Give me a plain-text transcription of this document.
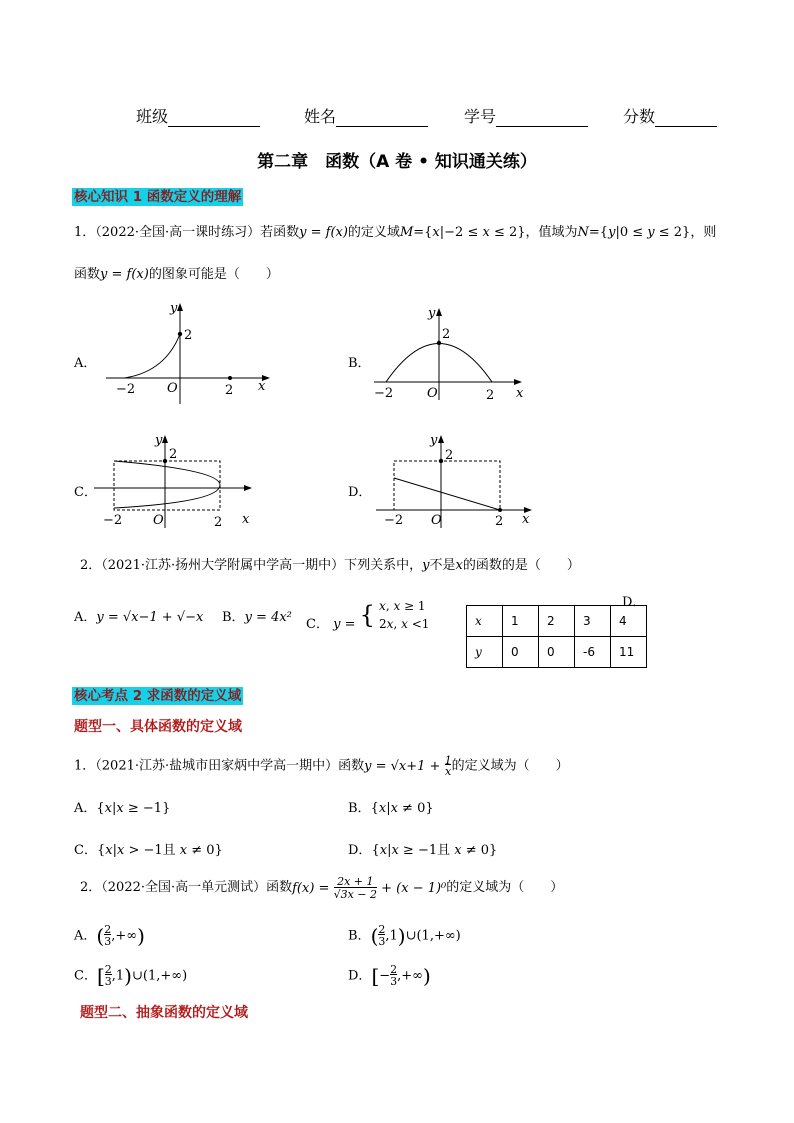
班级	姓名	学号	分数
第二章　函数（A 卷 • 知识通关练）
核心知识 1 函数定义的理解
1．（2022·全国·高一课时练习）若函数y = f(x)的定义域M={x|−2 ≤ x ≤ 2}，值域为N={y|0 ≤ y ≤ 2}，则
函数y = f(x)的图象可能是（　　）
A．
y
2
−2 O	2 x
B．
y
2
−2	O	2 x
C．
y
2
−2 O	2 x
D．
y
2
−2 O	2 x
2．（2021·江苏·扬州大学附属中学高一期中）下列关系中，y不是x的函数的是（　　）
A．y = √x−1 + √−x B．y = 4x² C． y = { x, x ≥ 1
2x, x <1
D．
x	1	2	3	4
y	0	0	-6	11
核心考点 2 求函数的定义域
题型一、具体函数的定义域
1．（2021·江苏·盐城市田家炳中学高一期中）函数y = √x+1 + 1
x的定义域为（　　）
A．{x|x ≥ −1}	B．{x|x ≠ 0}
C．{x|x > −1且 x ≠ 0}	D．{x|x ≥ −1且 x ≠ 0}
2．（2022·全国·高一单元测试）函数f(x) = 2x + 1
√3x − 2 + (x − 1)⁰的定义域为（　　）
A．(2
3,+∞)	B．(2
3,1)∪(1,+∞)
C．[2
3,1)∪(1,+∞)	D．[−2
3,+∞)
题型二、抽象函数的定义域
